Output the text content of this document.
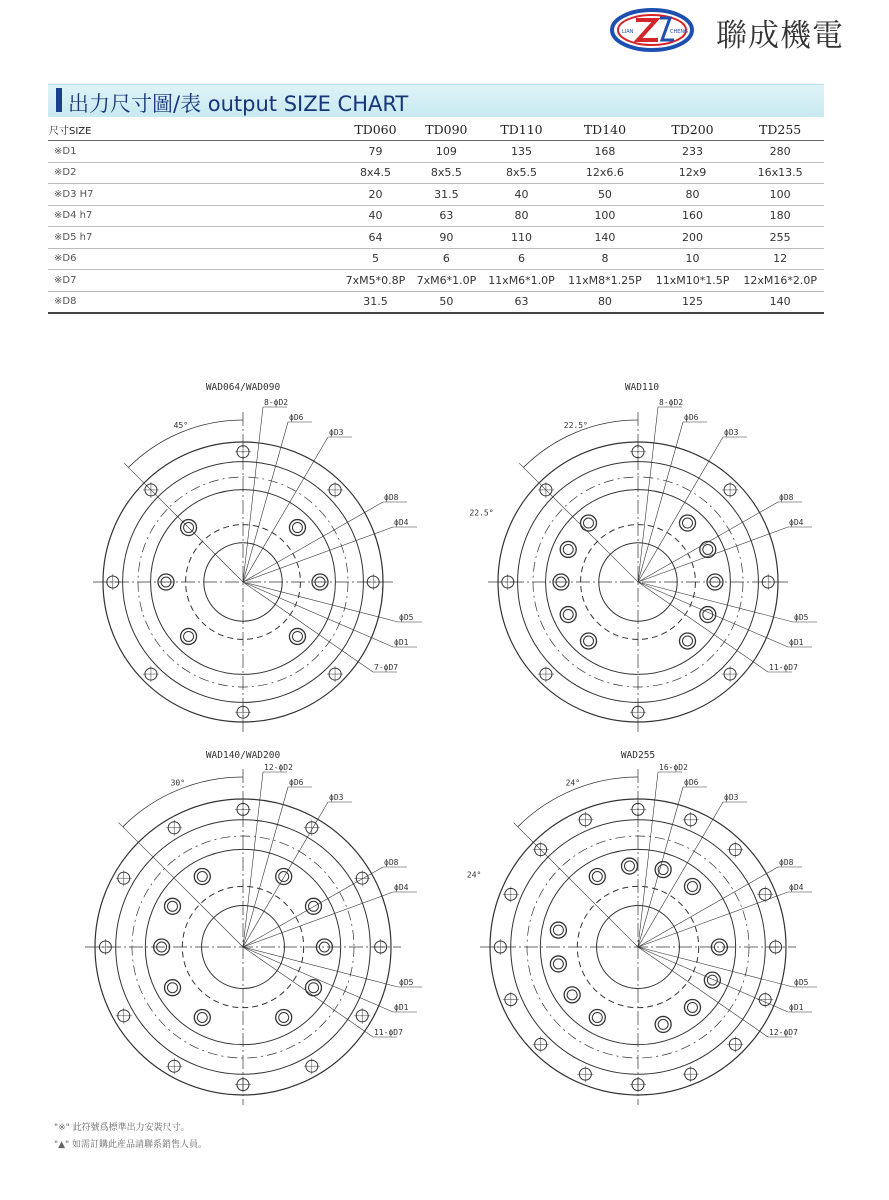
LIAN	CHENG 聯成機電
出力尺寸圖/表 output SIZE CHART
尺寸SIZE	TD060	TD090	TD110	TD140	TD200	TD255
※D1	79	109	135	168	233	280
※D2	8x4.5	8x5.5	8x5.5	12x6.6	12x9	16x13.5
※D3 H7	20	31.5	40	50	80	100
※D4 h7	40	63	80	100	160	180
※D5 h7	64	90	110	140	200	255
※D6	5	6	6	8	10	12
※D7	7xM5*0.8P	7xM6*1.0P	11xM6*1.0P	11xM8*1.25P	11xM10*1.5P	12xM16*2.0P
※D8	31.5	50	63	80	125	140
WAD064/WAD090
8-ϕD2
ϕD6
ϕD3
ϕD8
ϕD4
ϕD5
ϕD1
7-ϕD7
45°
WAD110
8-ϕD2
ϕD6
ϕD3
ϕD8
ϕD4
ϕD5
ϕD1
11-ϕD7
22.5°
22.5°
WAD140/WAD200
12-ϕD2
ϕD6
ϕD3
ϕD8
ϕD4
ϕD5
ϕD1
11-ϕD7
30°
WAD255
16-ϕD2
ϕD6
ϕD3
ϕD8
ϕD4
ϕD5
ϕD1
12-ϕD7
24°
24°
"※" 此符號爲標準出力安裝尺寸。
"▲" 如需訂購此産品請聯系銷售人員。
